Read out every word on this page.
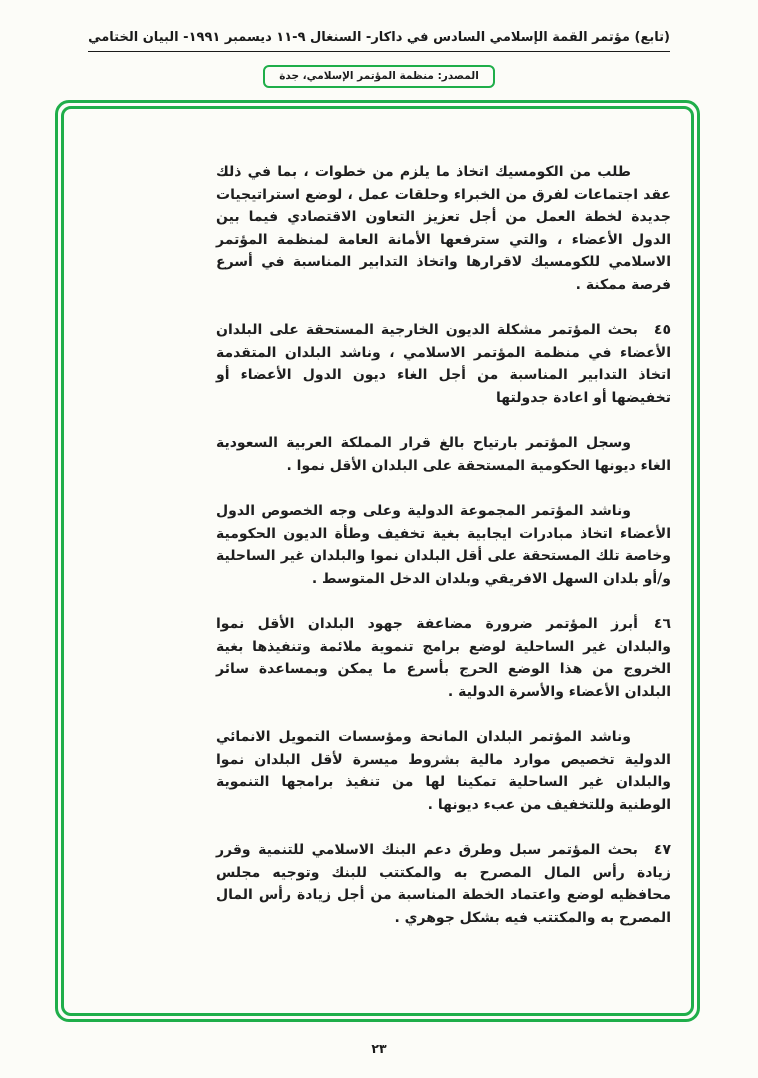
(تابع) مؤتمر القمة الإسلامي السادس في داكار- السنغال ٩-١١ ديسمبر ١٩٩١- البيان الختامي
المصدر: منظمة المؤتمر الإسلامي، جدة

طلب من الكومسيك اتخاذ ما يلزم من خطوات ، بما في ذلك عقد اجتماعات لفرق من الخبراء وحلقات عمل ، لوضع استراتيجيات جديدة لخطة العمل من أجل تعزيز التعاون الاقتصادي فيما بين الدول الأعضاء ، والتي سترفعها الأمانة العامة لمنظمة المؤتمر الاسلامي للكومسيك لاقرارها واتخاذ التدابير المناسبة في أسرع فرصة ممكنة .

٤٥بحث المؤتمر مشكلة الديون الخارجية المستحقة على البلدان الأعضاء في منظمة المؤتمر الاسلامي ، وناشد البلدان المتقدمة اتخاذ التدابير المناسبة من أجل الغاء ديون الدول الأعضاء أو تخفيضها أو اعادة جدولتها

وسجل المؤتمر بارتياح بالغ قرار المملكة العربية السعودية الغاء ديونها الحكومية المستحقة على البلدان الأقل نموا .

وناشد المؤتمر المجموعة الدولية وعلى وجه الخصوص الدول الأعضاء اتخاذ مبادرات ايجابية بغية تخفيف وطأة الديون الحكومية وخاصة تلك المستحقة على أقل البلدان نموا والبلدان غير الساحلية و/أو بلدان السهل الافريقي وبلدان الدخل المتوسط .

٤٦أبرز المؤتمر ضرورة مضاعفة جهود البلدان الأقل نموا والبلدان غير الساحلية لوضع برامج تنموية ملائمة وتنفيذها بغية الخروج من هذا الوضع الحرج بأسرع ما يمكن وبمساعدة سائر البلدان الأعضاء والأسرة الدولية .

وناشد المؤتمر البلدان المانحة ومؤسسات التمويل الانمائي الدولية تخصيص موارد مالية بشروط ميسرة لأقل البلدان نموا والبلدان غير الساحلية تمكينا لها من تنفيذ برامجها التنموية الوطنية وللتخفيف من عبء ديونها .

٤٧بحث المؤتمر سبل وطرق دعم البنك الاسلامي للتنمية وقرر زيادة رأس المال المصرح به والمكتتب للبنك وتوجيه مجلس محافظيه لوضع واعتماد الخطة المناسبة من أجل زيادة رأس المال المصرح به والمكتتب فيه بشكل جوهري .

٢٣
